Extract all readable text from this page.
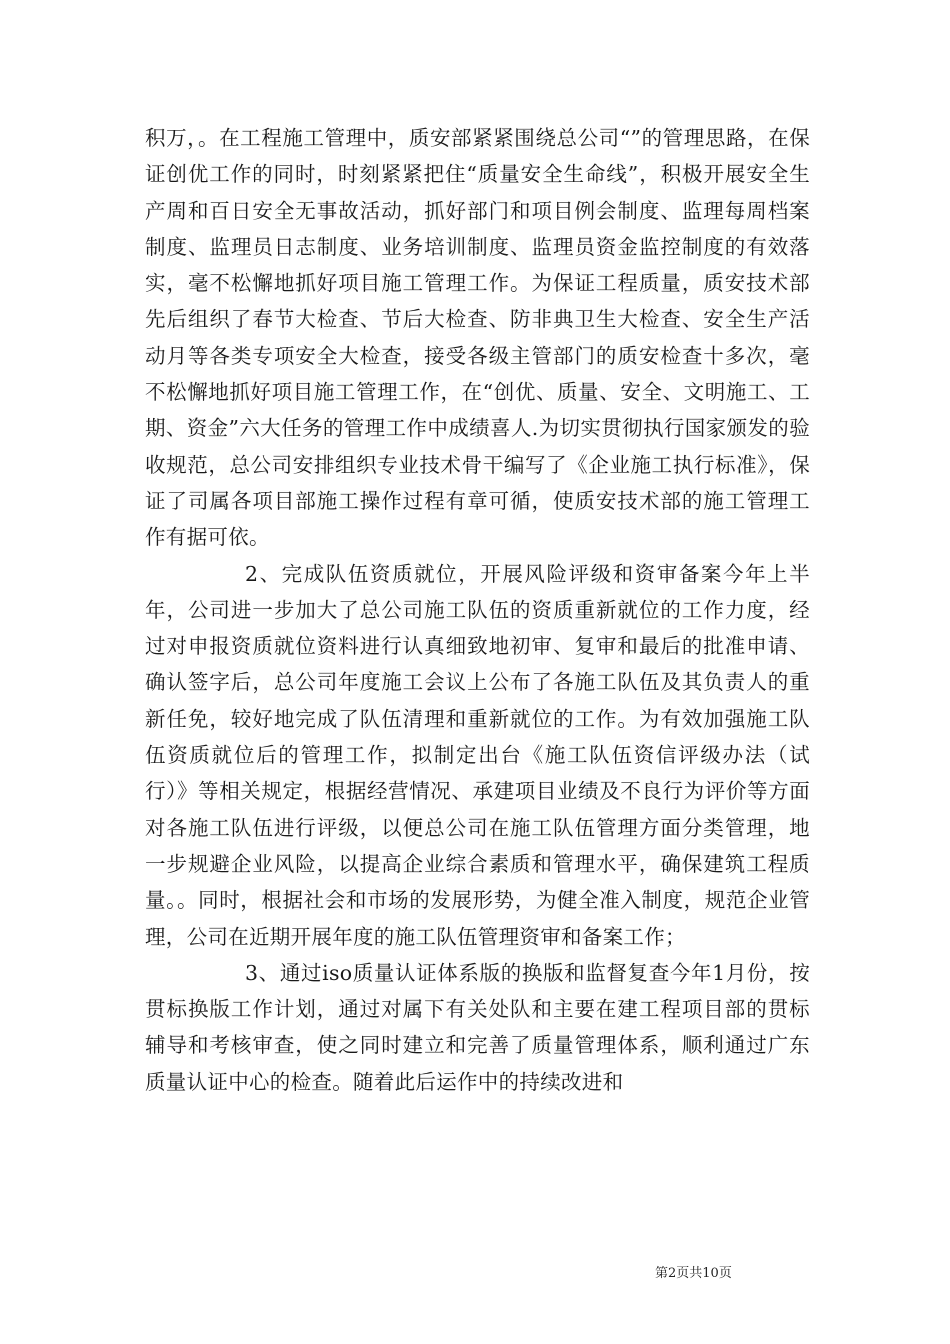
积万，。在工程施工管理中，质安部紧紧围绕总公司“”的管理思路，在保证创优工作的同时，时刻紧紧把住“质量安全生命线”，积极开展安全生产周和百日安全无事故活动，抓好部门和项目例会制度、监理每周档案制度、监理员日志制度、业务培训制度、监理员资金监控制度的有效落实，毫不松懈地抓好项目施工管理工作。为保证工程质量，质安技术部先后组织了春节大检查、节后大检查、防非典卫生大检查、安全生产活动月等各类专项安全大检查，接受各级主管部门的质安检查十多次，毫不松懈地抓好项目施工管理工作，在“创优、质量、安全、文明施工、工期、资金”六大任务的管理工作中成绩喜人.为切实贯彻执行国家颁发的验收规范，总公司安排组织专业技术骨干编写了《企业施工执行标准》，保证了司属各项目部施工操作过程有章可循，使质安技术部的施工管理工作有据可依。

2、完成队伍资质就位，开展风险评级和资审备案今年上半年，公司进一步加大了总公司施工队伍的资质重新就位的工作力度，经过对申报资质就位资料进行认真细致地初审、复审和最后的批准申请、确认签字后，总公司年度施工会议上公布了各施工队伍及其负责人的重新任免，较好地完成了队伍清理和重新就位的工作。为有效加强施工队伍资质就位后的管理工作，拟制定出台《施工队伍资信评级办法（试行）》等相关规定，根据经营情况、承建项目业绩及不良行为评价等方面对各施工队伍进行评级，以便总公司在施工队伍管理方面分类管理，地一步规避企业风险，以提高企业综合素质和管理水平，确保建筑工程质量。。同时，根据社会和市场的发展形势，为健全准入制度，规范企业管理，公司在近期开展年度的施工队伍管理资审和备案工作；

3、通过iso质量认证体系版的换版和监督复查今年1月份，按贯标换版工作计划，通过对属下有关处队和主要在建工程项目部的贯标辅导和考核审查，使之同时建立和完善了质量管理体系，顺利通过广东质量认证中心的检查。随着此后运作中的持续改进和

第2页共10页
